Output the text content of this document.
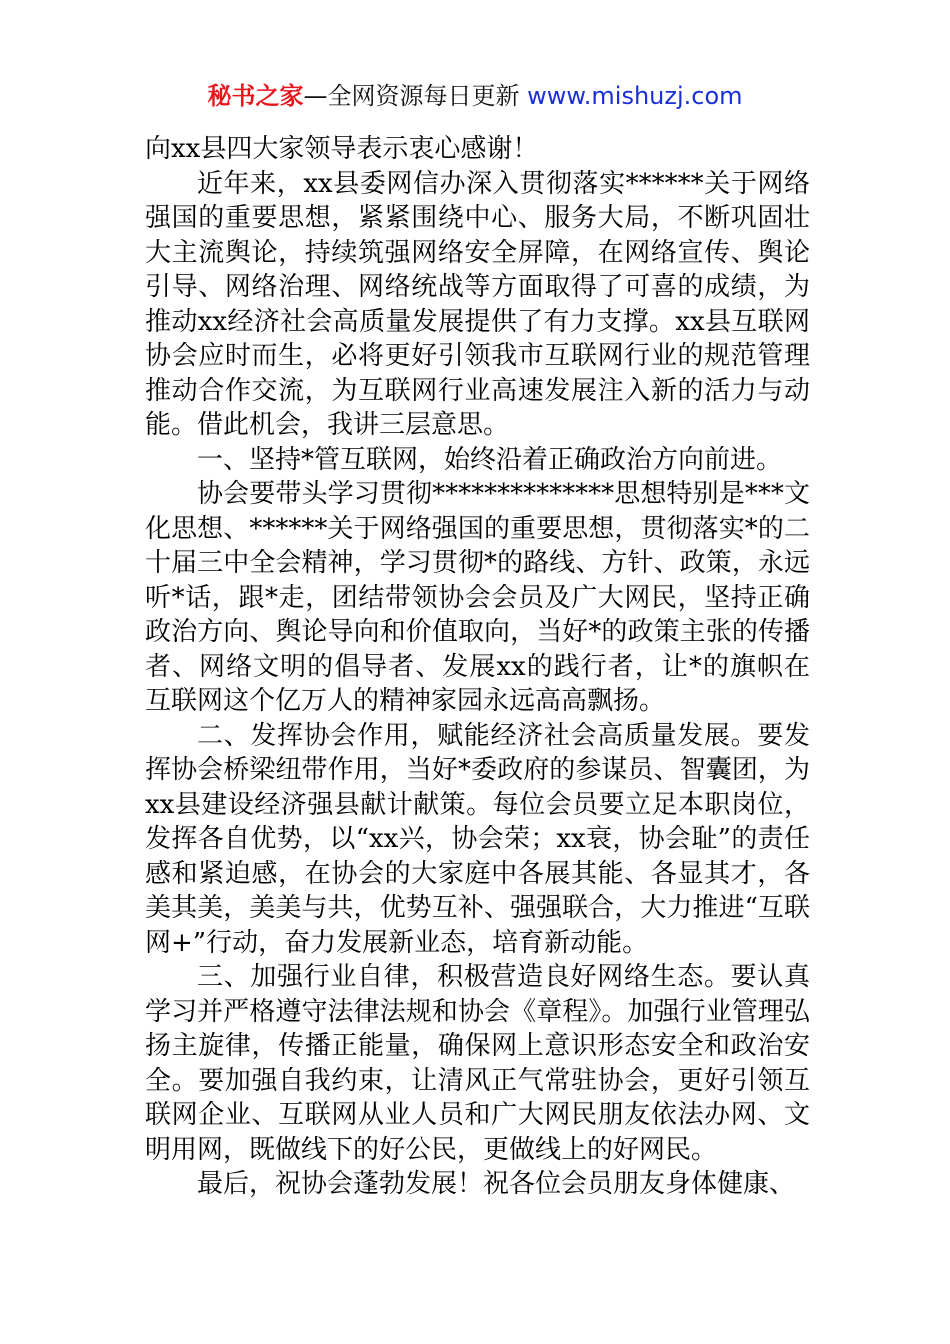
秘书之家—全网资源每日更新 www.mishuzj.com

向xx县四大家领导表示衷心感谢！

近年来，xx县委网信办深入贯彻落实******关于网络强国的重要思想，紧紧围绕中心、服务大局，不断巩固壮大主流舆论，持续筑强网络安全屏障，在网络宣传、舆论引导、网络治理、网络统战等方面取得了可喜的成绩，为推动xx经济社会高质量发展提供了有力支撑。xx县互联网协会应时而生，必将更好引领我市互联网行业的规范管理推动合作交流，为互联网行业高速发展注入新的活力与动能。借此机会，我讲三层意思。

一、坚持*管互联网，始终沿着正确政治方向前进。

协会要带头学习贯彻**************思想特别是***文化思想、******关于网络强国的重要思想，贯彻落实*的二十届三中全会精神，学习贯彻*的路线、方针、政策，永远听*话，跟*走，团结带领协会会员及广大网民，坚持正确政治方向、舆论导向和价值取向，当好*的政策主张的传播者、网络文明的倡导者、发展xx的践行者，让*的旗帜在互联网这个亿万人的精神家园永远高高飘扬。

二、发挥协会作用，赋能经济社会高质量发展。要发挥协会桥梁纽带作用，当好*委政府的参谋员、智囊团，为xx县建设经济强县献计献策。每位会员要立足本职岗位，发挥各自优势，以“xx兴，协会荣；xx衰，协会耻”的责任感和紧迫感，在协会的大家庭中各展其能、各显其才，各美其美，美美与共，优势互补、强强联合，大力推进“互联网+”行动，奋力发展新业态，培育新动能。

三、加强行业自律，积极营造良好网络生态。要认真学习并严格遵守法律法规和协会《章程》。加强行业管理弘扬主旋律，传播正能量，确保网上意识形态安全和政治安全。要加强自我约束，让清风正气常驻协会，更好引领互联网企业、互联网从业人员和广大网民朋友依法办网、文明用网，既做线下的好公民，更做线上的好网民。

最后，祝协会蓬勃发展！祝各位会员朋友身体健康、
